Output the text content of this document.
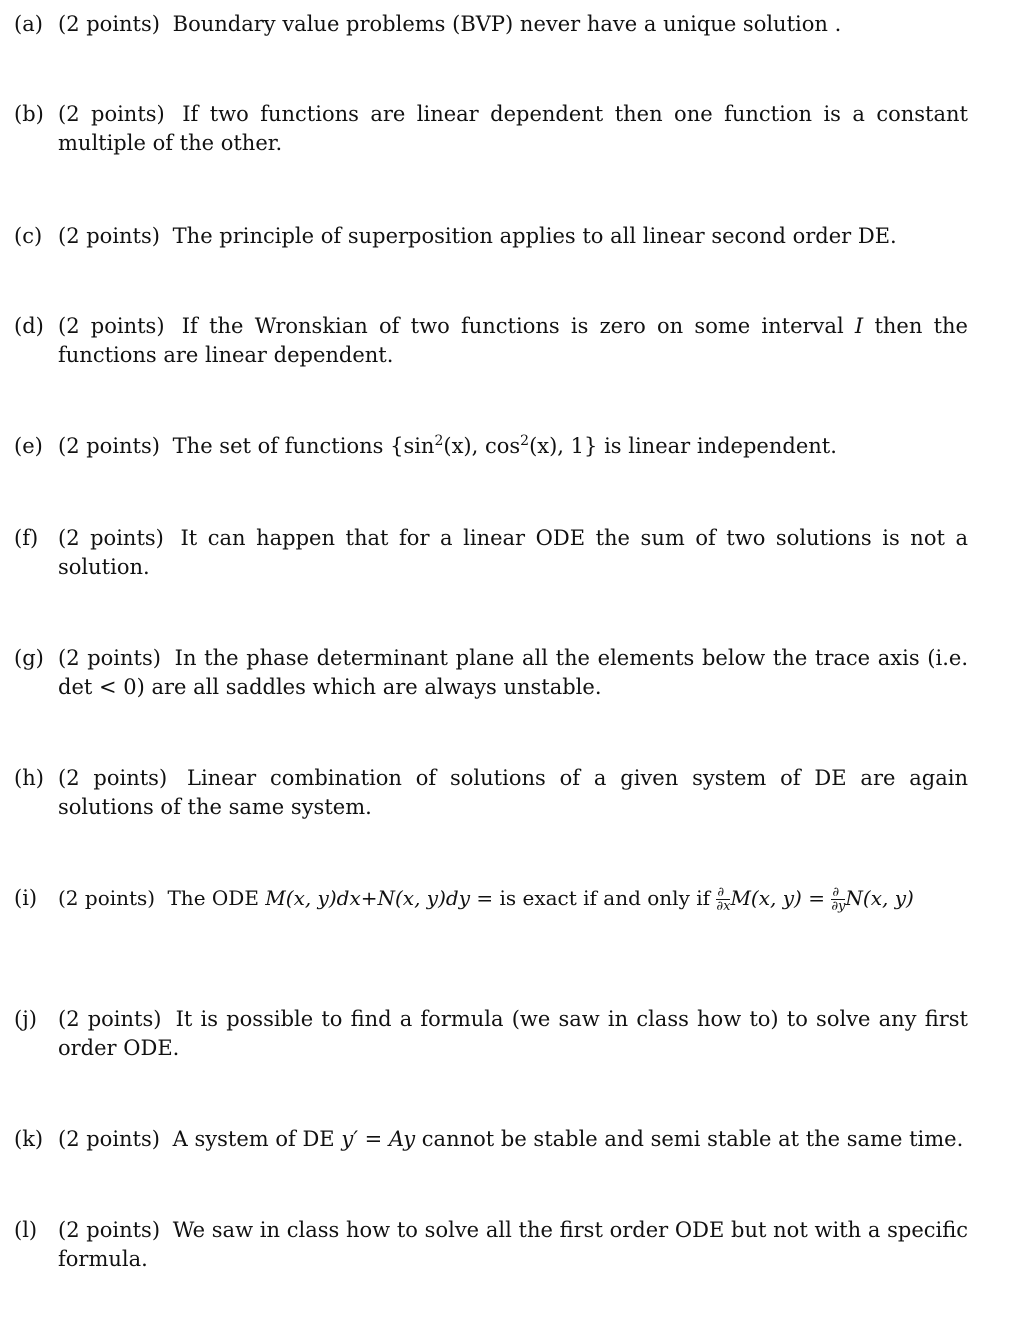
(a) (2 points) Boundary value problems (BVP) never have a unique solution .
(b) (2 points) If two functions are linear dependent then one function is a constant multiple of the other.
(c) (2 points) The principle of superposition applies to all linear second order DE.
(d) (2 points) If the Wronskian of two functions is zero on some interval I then the functions are linear dependent.
(e) (2 points) The set of functions {$\sin^2(x)$, $\cos^2(x)$, 1} is linear independent.
(f) (2 points) It can happen that for a linear ODE the sum of two solutions is not a solution.
(g) (2 points) In the phase determinant plane all the elements below the trace axis (i.e. det < 0) are all saddles which are always unstable.
(h) (2 points) Linear combination of solutions of a given system of DE are again solutions of the same system.
(i)	(2 points) The ODE M(x, y)dx+N(x, y)dy = is exact if and only if $\frac{\partial}{\partial x} M(x$, $y) = \frac{\partial}{\partial y} N(x$, y)
(j)	(2 points) It is possible to find a formula (we saw in class how to) to solve any first order ODE.
(k) (2 points) A system of DE y′ = Ay cannot be stable and semi stable at the same time.
(l) (2 points) We saw in class how to solve all the first order ODE but not with a specific formula.
